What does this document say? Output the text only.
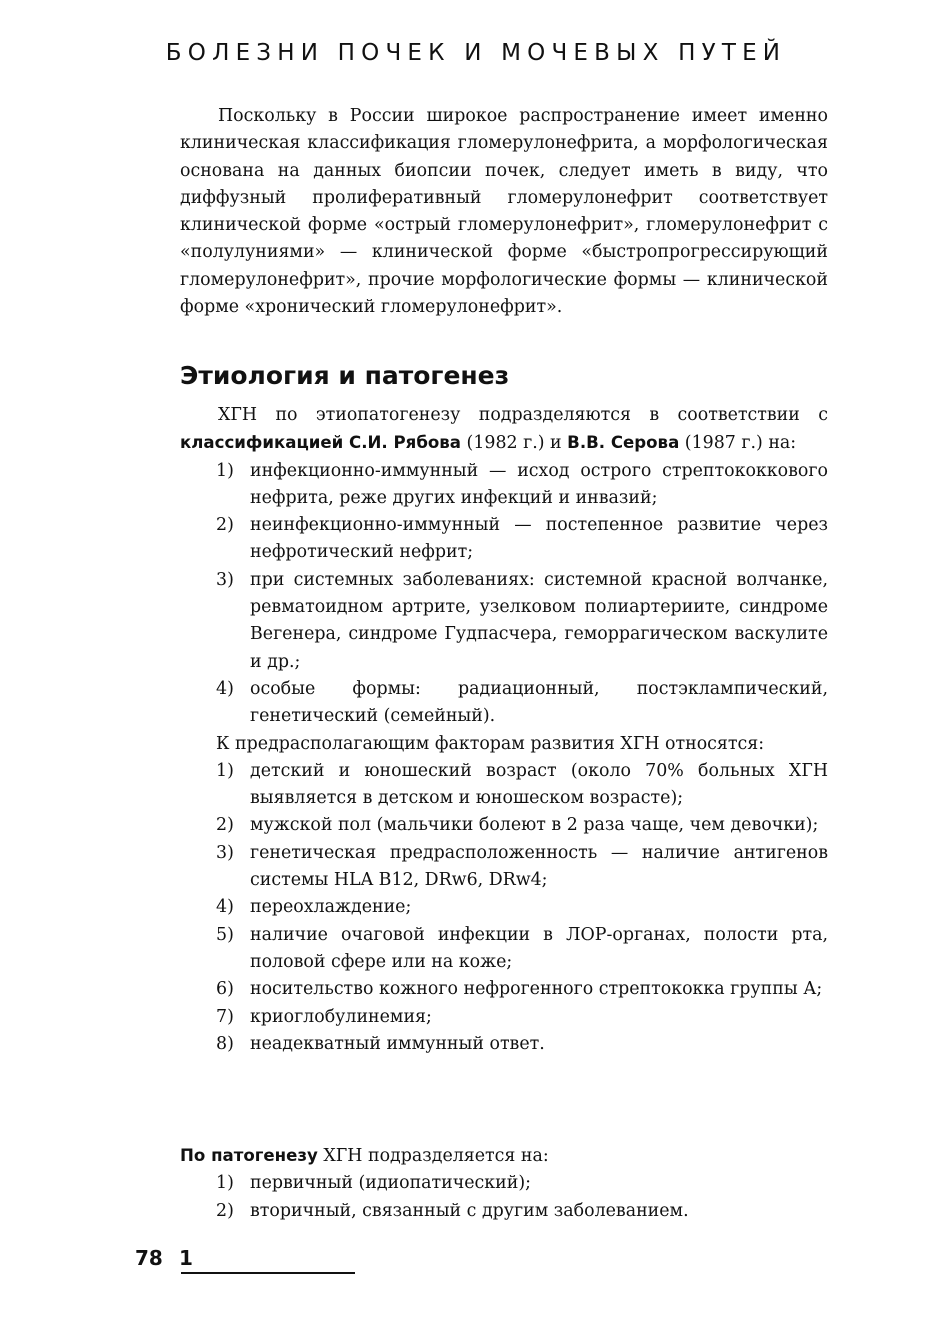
БОЛЕЗНИ ПОЧЕК И МОЧЕВЫХ ПУТЕЙ

Поскольку в России широкое распространение имеет именно клиническая классификация гломерулонефрита, а морфологическая основана на данных биопсии почек, следует иметь в виду, что диффузный пролиферативный гломерулонефрит соответствует клинической форме «острый гломерулонефрит», гломерулонефрит с «полулуниями» — клинической форме «быстропрогрессирующий гломерулонефрит», прочие морфологические формы — клинической форме «хронический гломерулонефрит».

Этиология и патогенез

ХГН по этиопатогенезу подразделяются в соответствии с классификацией С.И. Рябова (1982 г.) и В.В. Серова (1987 г.) на:

1) инфекционно-иммунный — исход острого стрептококкового нефрита, реже других инфекций и инвазий;
2) неинфекционно-иммунный — постепенное развитие через нефротический нефрит;
3) при системных заболеваниях: системной красной волчанке, ревматоидном артрите, узелковом полиартериите, синдроме Вегенера, синдроме Гудпасчера, геморрагическом васкулите и др.;
4) особые формы: радиационный, постэклампический, генетический (семейный).

К предрасполагающим факторам развития ХГН относятся:

1) детский и юношеский возраст (около 70% больных ХГН выявляется в детском и юношеском возрасте);
2) мужской пол (мальчики болеют в 2 раза чаще, чем девочки);
3) генетическая предрасположенность — наличие антигенов системы HLA B12, DRw6, DRw4;
4) переохлаждение;
5) наличие очаговой инфекции в ЛОР-органах, полости рта, половой сфере или на коже;
6) носительство кожного нефрогенного стрептококка группы А;
7) криоглобулинемия;
8) неадекватный иммунный ответ.

По патогенезу ХГН подразделяется на:

1) первичный (идиопатический);
2) вторичный, связанный с другим заболеванием.
78 1
